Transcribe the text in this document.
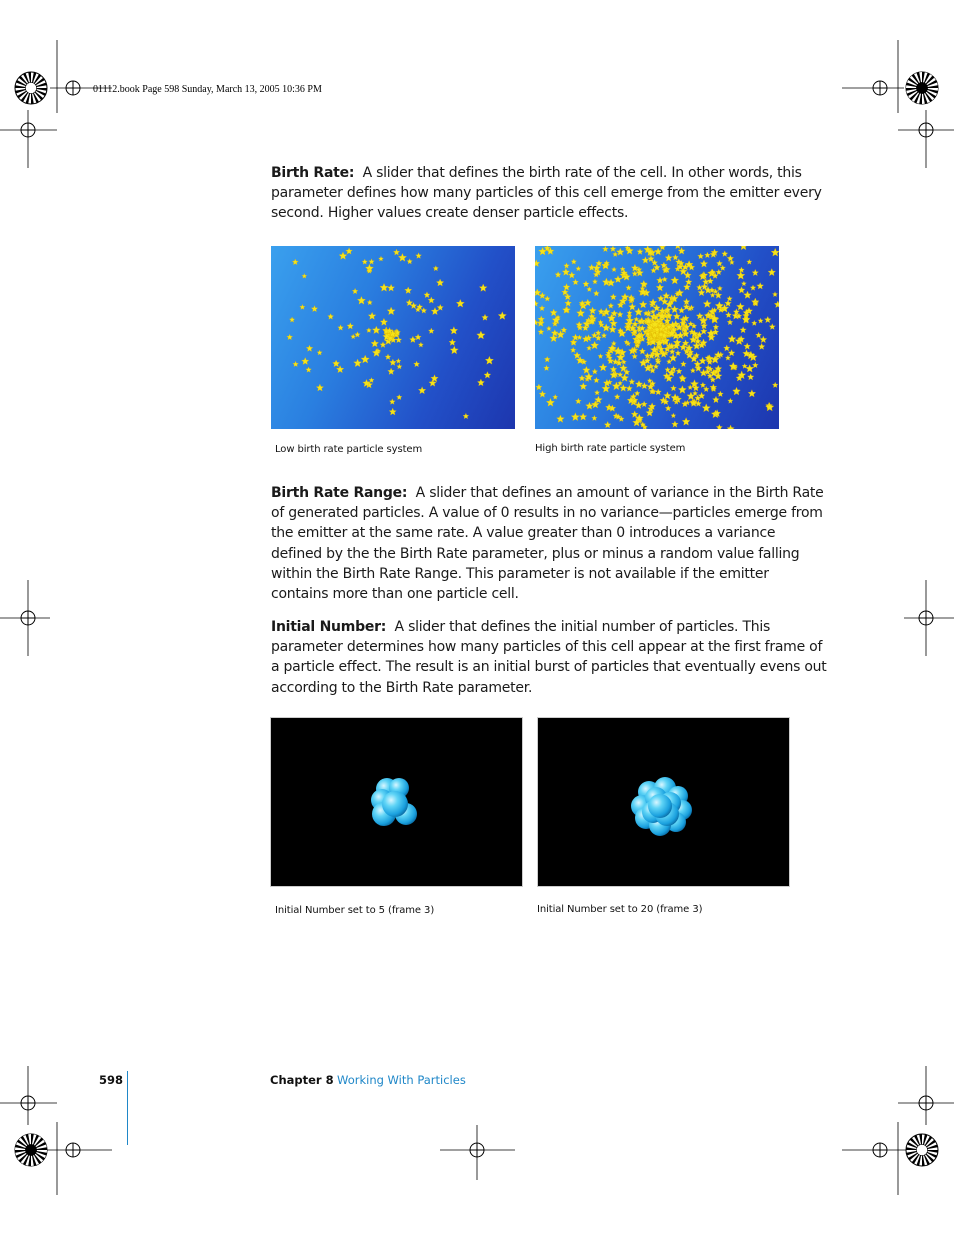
01112.book Page 598 Sunday, March 13, 2005 10:36 PM
Birth Rate: A slider that defines the birth rate of the cell. In other words, this parameter defines how many particles of this cell emerge from the emitter every second. Higher values create denser particle effects.
Low birth rate particle system	High birth rate particle system
Birth Rate Range: A slider that defines an amount of variance in the Birth Rate of generated particles. A value of 0 results in no variance—particles emerge from the emitter at the same rate. A value greater than 0 introduces a variance defined by the the Birth Rate parameter, plus or minus a random value falling within the Birth Rate Range. This parameter is not available if the emitter contains more than one particle cell.
Initial Number: A slider that defines the initial number of particles. This parameter determines how many particles of this cell appear at the first frame of a particle effect. The result is an initial burst of particles that eventually evens out according to the Birth Rate parameter.
Initial Number set to 5 (frame 3)	Initial Number set to 20 (frame 3)
598	Chapter 8 Working With Particles
